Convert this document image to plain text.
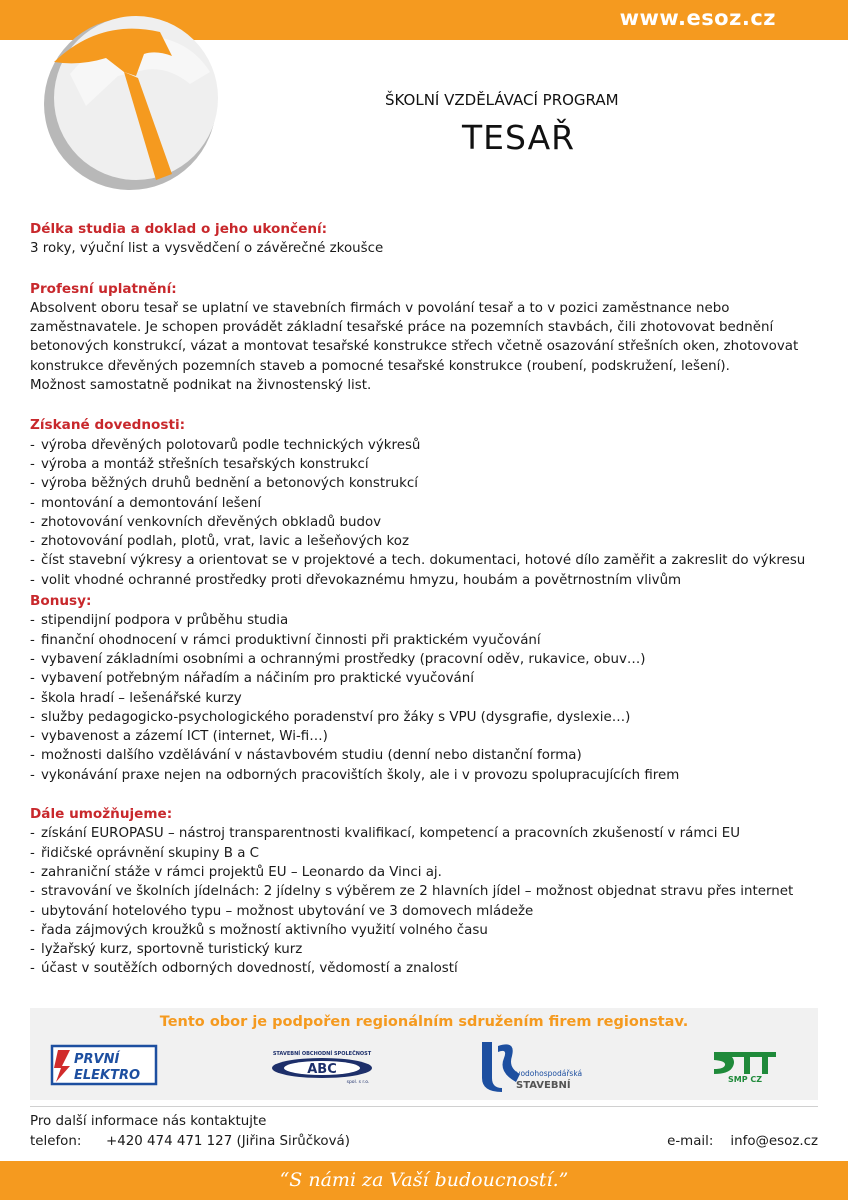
www.esoz.cz
ŠKOLNÍ VZDĚLÁVACÍ PROGRAM
TESAŘ
Délka studia a doklad o jeho ukončení:
3 roky, výuční list a vysvědčení o závěrečné zkoušce
Profesní uplatnění:
Absolvent oboru tesař se uplatní ve stavebních firmách v povolání tesař a to v pozici zaměstnance nebo
zaměstnavatele. Je schopen provádět základní tesařské práce na pozemních stavbách, čili zhotovovat bednění
betonových konstrukcí, vázat a montovat tesařské konstrukce střech včetně osazování střešních oken, zhotovovat
konstrukce dřevěných pozemních staveb a pomocné tesařské konstrukce (roubení, podskružení, lešení).
Možnost samostatně podnikat na živnostenský list.
Získané dovednosti:
- výroba dřevěných polotovarů podle technických výkresů
- výroba a montáž střešních tesařských konstrukcí
- výroba běžných druhů bednění a betonových konstrukcí
- montování a demontování lešení
- zhotovování venkovních dřevěných obkladů budov
- zhotovování podlah, plotů, vrat, lavic a lešeňových koz
- číst stavební výkresy a orientovat se v projektové a tech. dokumentaci, hotové dílo zaměřit a zakreslit do výkresu
- volit vhodné ochranné prostředky proti dřevokaznému hmyzu, houbám a povětrnostním vlivům
Bonusy:
- stipendijní podpora v průběhu studia
- finanční ohodnocení v rámci produktivní činnosti při praktickém vyučování
- vybavení základními osobními a ochrannými prostředky (pracovní oděv, rukavice, obuv…)
- vybavení potřebným nářadím a náčiním pro praktické vyučování
- škola hradí – lešenářské kurzy
- služby pedagogicko-psychologického poradenství pro žáky s VPU (dysgrafie, dyslexie…)
- vybavenost a zázemí ICT (internet, Wi-fi…)
- možnosti dalšího vzdělávání v nástavbovém studiu (denní nebo distanční forma)
- vykonávání praxe nejen na odborných pracovištích školy, ale i v provozu spolupracujících firem
Dále umožňujeme:
- získání EUROPASU – nástroj transparentnosti kvalifikací, kompetencí a pracovních zkušeností v rámci EU
- řidičské oprávnění skupiny B a C
- zahraniční stáže v rámci projektů EU – Leonardo da Vinci aj.
- stravování ve školních jídelnách: 2 jídelny s výběrem ze 2 hlavních jídel – možnost objednat stravu přes internet
- ubytování hotelového typu – možnost ubytování ve 3 domovech mládeže
- řada zájmových kroužků s možností aktivního využití volného času
- lyžařský kurz, sportovně turistický kurz
- účast v soutěžích odborných dovedností, vědomostí a znalostí
Tento obor je podpořen regionálním sdružením firem regionstav.
PRVNÍ
ELEKTRO
STAVEBNÍ OBCHODNÍ SPOLEČNOST
ABC
spol. s r.o.
vodohospodářská
STAVEBNÍ
SMP CZ
Pro další informace nás kontaktujte
telefon: +420 474 471 127 (Jiřina Sirůčková)	e-mail: info@esoz.cz
“S námi za Vaší budoucností.”
